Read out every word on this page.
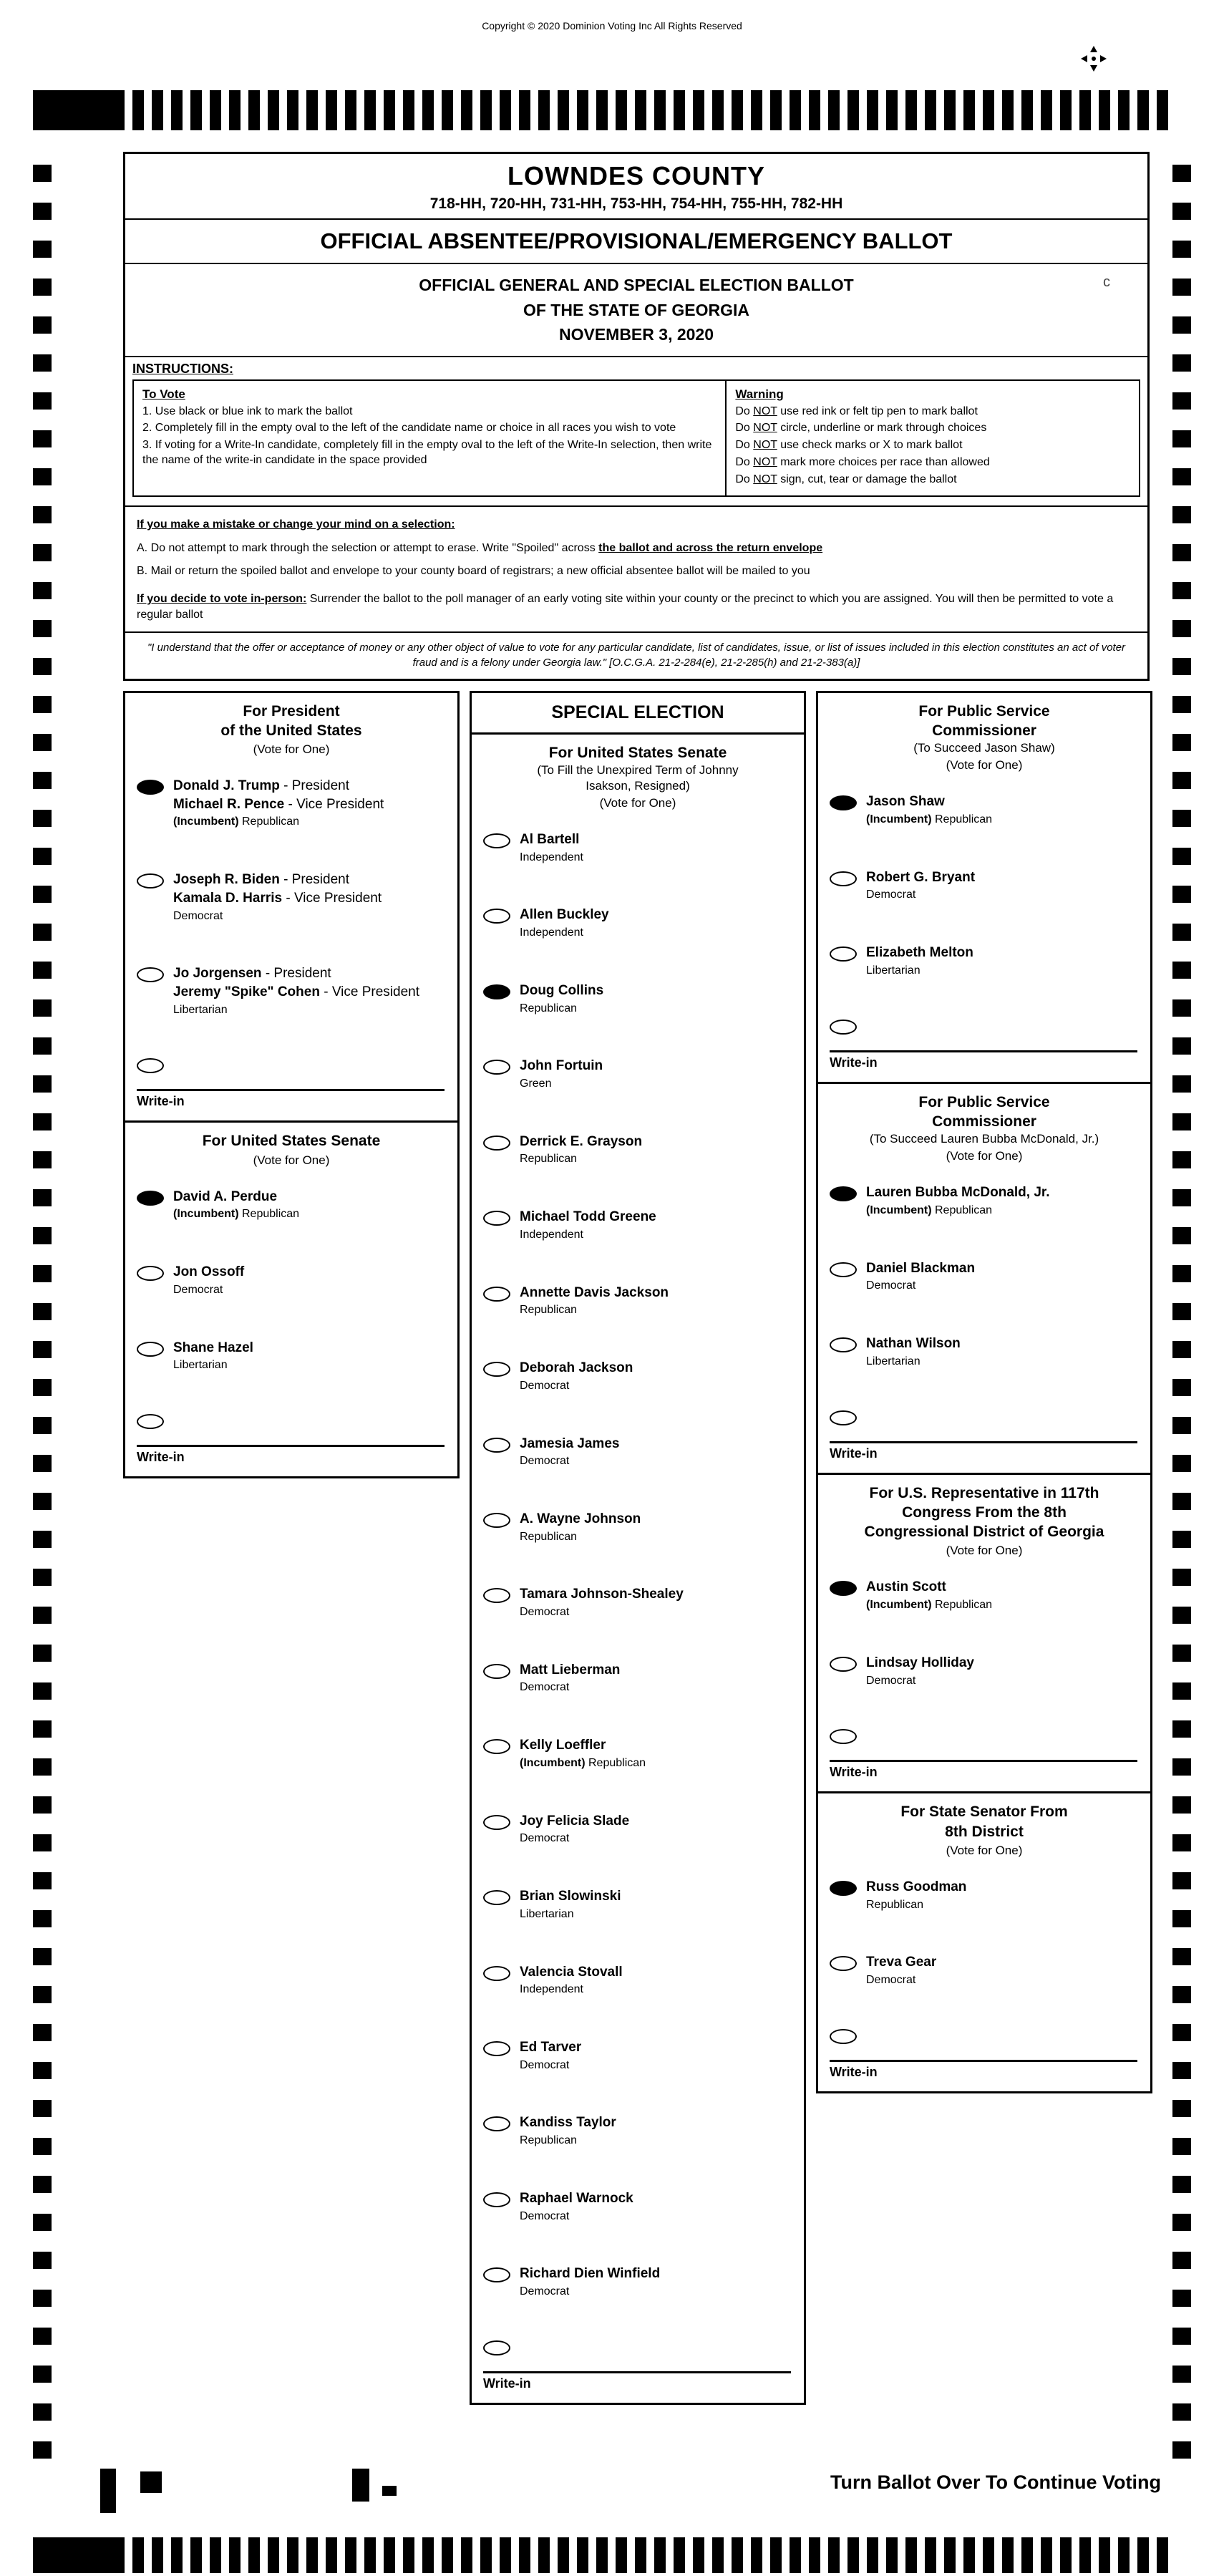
Copyright © 2020 Dominion Voting Inc All Rights Reserved
+
LOWNDES COUNTY
718-HH, 720-HH, 731-HH, 753-HH, 754-HH, 755-HH, 782-HH
OFFICIAL ABSENTEE/PROVISIONAL/EMERGENCY BALLOT
OFFICIAL GENERAL AND SPECIAL ELECTION BALLOT
OF THE STATE OF GEORGIA
NOVEMBER 3, 2020
c
INSTRUCTIONS:
To Vote
1. Use black or blue ink to mark the ballot
2. Completely fill in the empty oval to the left of the candidate name or choice in all races you wish to vote
3. If voting for a Write-In candidate, completely fill in the empty oval to the left of the Write-In selection, then write the name of the write-in candidate in the space provided
Warning
Do NOT use red ink or felt tip pen to mark ballot
Do NOT circle, underline or mark through choices
Do NOT use check marks or X to mark ballot
Do NOT mark more choices per race than allowed
Do NOT sign, cut, tear or damage the ballot
If you make a mistake or change your mind on a selection:
A. Do not attempt to mark through the selection or attempt to erase. Write "Spoiled" across the ballot and across the return envelope
B. Mail or return the spoiled ballot and envelope to your county board of registrars; a new official absentee ballot will be mailed to you
If you decide to vote in-person: Surrender the ballot to the poll manager of an early voting site within your county or the precinct to which you are assigned. You will then be permitted to vote a regular ballot
"I understand that the offer or acceptance of money or any other object of value to vote for any particular candidate, list of candidates, issue, or list of issues included in this election constitutes an act of voter fraud and is a felony under Georgia law." [O.C.G.A. 21-2-284(e), 21-2-285(h) and 21-2-383(a)]
For President
of the United States
(Vote for One)
Donald J. Trump - President
Michael R. Pence - Vice President
(Incumbent) Republican
Joseph R. Biden - President
Kamala D. Harris - Vice President
Democrat
Jo Jorgensen - President
Jeremy "Spike" Cohen - Vice President
Libertarian
Write-in
For United States Senate
(Vote for One)
David A. Perdue
(Incumbent) Republican
Jon Ossoff
Democrat
Shane Hazel
Libertarian
Write-in
SPECIAL ELECTION
For United States Senate
(To Fill the Unexpired Term of Johnny
Isakson, Resigned)
(Vote for One)
Al Bartell
Independent
Allen Buckley
Independent
Doug Collins
Republican
John Fortuin
Green
Derrick E. Grayson
Republican
Michael Todd Greene
Independent
Annette Davis Jackson
Republican
Deborah Jackson
Democrat
Jamesia James
Democrat
A. Wayne Johnson
Republican
Tamara Johnson-Shealey
Democrat
Matt Lieberman
Democrat
Kelly Loeffler
(Incumbent) Republican
Joy Felicia Slade
Democrat
Brian Slowinski
Libertarian
Valencia Stovall
Independent
Ed Tarver
Democrat
Kandiss Taylor
Republican
Raphael Warnock
Democrat
Richard Dien Winfield
Democrat
Write-in
For Public Service
Commissioner
(To Succeed Jason Shaw)
(Vote for One)
Jason Shaw
(Incumbent) Republican
Robert G. Bryant
Democrat
Elizabeth Melton
Libertarian
Write-in
For Public Service
Commissioner
(To Succeed Lauren Bubba McDonald, Jr.)
(Vote for One)
Lauren Bubba McDonald, Jr.
(Incumbent) Republican
Daniel Blackman
Democrat
Nathan Wilson
Libertarian
Write-in
For U.S. Representative in 117th
Congress From the 8th
Congressional District of Georgia
(Vote for One)
Austin Scott
(Incumbent) Republican
Lindsay Holliday
Democrat
Write-in
For State Senator From
8th District
(Vote for One)
Russ Goodman
Republican
Treva Gear
Democrat
Write-in
Turn Ballot Over To Continue Voting
